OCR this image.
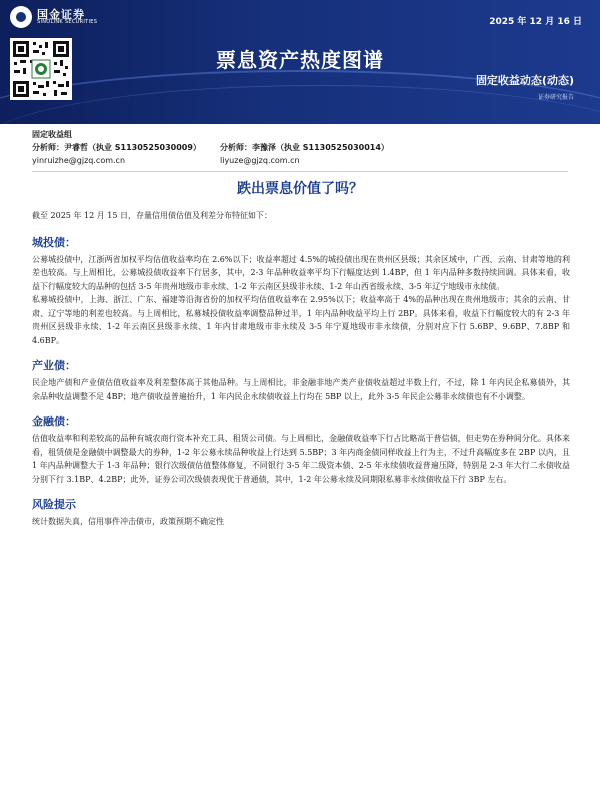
国金证券
SINOLINK SECURITIES	2025 年 12 月 16 日
票息资产热度图谱
固定收益动态(动态)
证券研究报告
固定收益组
分析师：尹睿哲（执业 S1130525030009）	分析师：李豫泽（执业 S1130525030014）
yinruizhe@gjzq.com.cn	liyuze@gjzq.com.cn
跌出票息价值了吗？

截至 2025 年 12 月 15 日，存量信用债估值及利差分布特征如下：

城投债：

公募城投债中，江浙两省加权平均估值收益率均在 2.6%以下；收益率超过 4.5%的城投债出现在贵州区县级；其余区域中，广西、云南、甘肃等地的利差也较高。与上周相比，公募城投债收益率下行居多，其中，2-3 年品种收益率平均下行幅度达到 1.4BP，但 1 年内品种多数持续回调。具体来看，收益下行幅度较大的品种的包括 3-5 年贵州地级市非永续、1-2 年云南区县级非永续、1-2 年山西省级永续、3-5 年辽宁地级市永续债。

私募城投债中，上海、浙江、广东、福建等沿海省份的加权平均估值收益率在 2.95%以下；收益率高于 4%的品种出现在贵州地级市；其余的云南、甘肃、辽宁等地的利差也较高。与上周相比，私募城投债收益率调整品种过半，1 年内品种收益平均上行 2BP。具体来看，收益下行幅度较大的有 2-3 年贵州区县级非永续、1-2 年云南区县级非永续、1 年内甘肃地级市非永续及 3-5 年宁夏地级市非永续债，分别对应下行 5.6BP、9.6BP、7.8BP 和 4.6BP。

产业债：

民企地产债和产业债估值收益率及利差整体高于其他品种。与上周相比，非金融非地产类产业债收益超过半数上行，不过，除 1 年内民企私募债外，其余品种收益调整不足 4BP；地产债收益普遍抬升，1 年内民企永续债收益上行均在 5BP 以上，此外 3-5 年民企公募非永续债也有不小调整。

金融债：

估值收益率和利差较高的品种有城农商行资本补充工具、租赁公司债。与上周相比，金融债收益率下行占比略高于普信债，但走势在券种间分化。具体来看，租赁债是金融债中调整最大的券种，1-2 年公募永续品种收益上行达到 5.5BP；3 年内商金债同样收益上行为主，不过升高幅度多在 2BP 以内，且 1 年内品种调整大于 1-3 年品种；银行次级债估值整体修复，不同银行 3-5 年二级资本债、2-5 年永续债收益普遍压降，特别是 2-3 年大行二永债收益分别下行 3.1BP、4.2BP；此外，证券公司次级债表现优于普通债，其中，1-2 年公募永续及同期限私募非永续债收益下行 3BP 左右。

风险提示

统计数据失真，信用事件冲击债市，政策预期不确定性
